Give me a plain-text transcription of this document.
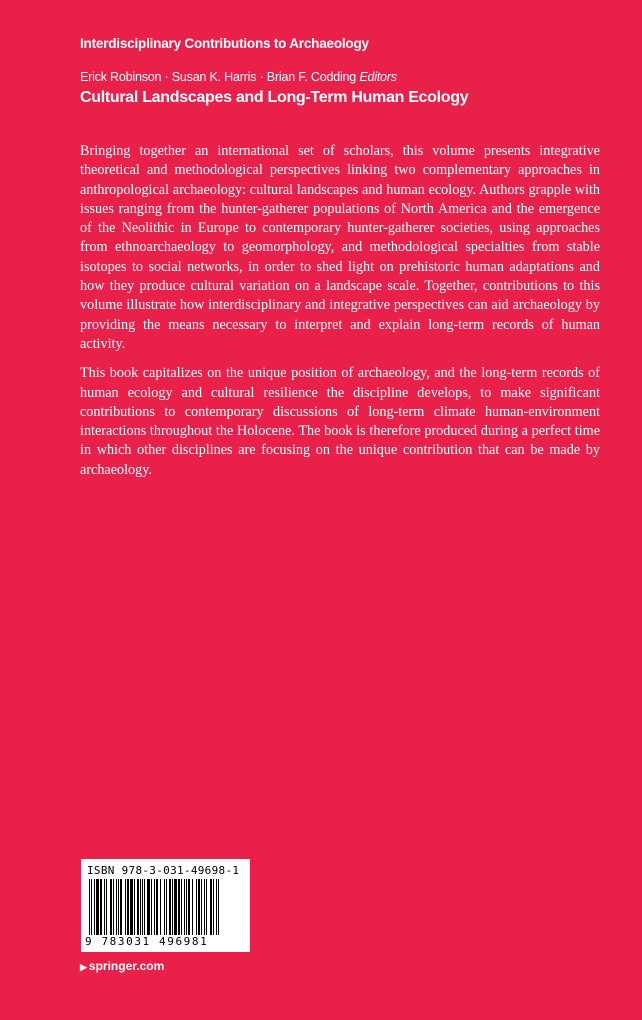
Interdisciplinary Contributions to Archaeology
Erick Robinson · Susan K. Harris · Brian F. Codding Editors
Cultural Landscapes and Long-Term Human Ecology

Bringing together an international set of scholars, this volume presents integrative theoretical and methodological perspectives linking two complementary approaches in anthropological archaeology: cultural landscapes and human ecology. Authors grapple with issues ranging from the hunter-gatherer populations of North America and the emergence of the Neolithic in Europe to contemporary hunter-gatherer societies, using approaches from ethnoarchaeology to geomorphology, and methodological specialties from stable isotopes to social networks, in order to shed light on prehistoric human adaptations and how they produce cultural variation on a landscape scale. Together, contributions to this volume illustrate how interdisciplinary and integrative perspectives can aid archaeology by providing the means necessary to interpret and explain long-term records of human activity.

This book capitalizes on the unique position of archaeology, and the long-term records of human ecology and cultural resilience the discipline develops, to make significant contributions to contemporary discussions of long-term climate human-environment interactions throughout the Holocene. The book is therefore produced during a perfect time in which other disciplines are focusing on the unique contribution that can be made by archaeology.

ISBN 978-3-031-49698-1
9 783031 496981
▶ springer.com
